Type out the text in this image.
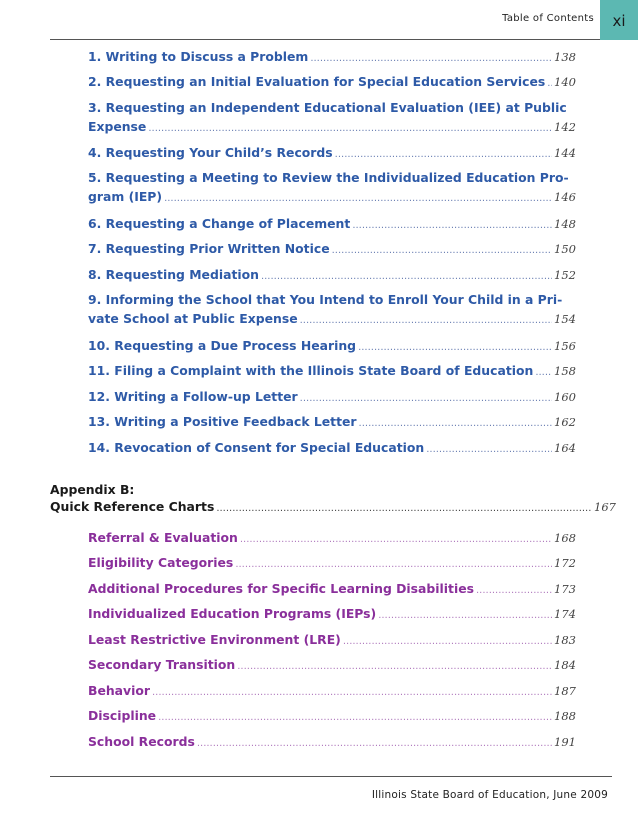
Table of Contents	xi
1. Writing to Discuss a Problem .....	138
2. Requesting an Initial Evaluation for Special Education Services ..... 140
3. Requesting an Independent Educational Evaluation (IEE) at Public
Expense .....	142
4. Requesting Your Child’s Records .....	144
5. Requesting a Meeting to Review the Individualized Education Pro-
gram (IEP) .....	146
6. Requesting a Change of Placement .....	148
7. Requesting Prior Written Notice .....	150
8. Requesting Mediation .....	152
9. Informing the School that You Intend to Enroll Your Child in a Pri-
vate School at Public Expense .....	154
10. Requesting a Due Process Hearing .....	156
11. Filing a Complaint with the Illinois State Board of Education ..... 158
12. Writing a Follow-up Letter .....	160
13. Writing a Positive Feedback Letter .....	162
14. Revocation of Consent for Special Education .....	164
Appendix B:
Quick Reference Charts .....	167
Referral & Evaluation .....	168
Eligibility Categories .....	172
Additional Procedures for Specific Learning Disabilities .....	173
Individualized Education Programs (IEPs) .....	174
Least Restrictive Environment (LRE) .....	183
Secondary Transition .....	184
Behavior .....	187
Discipline .....	188
School Records .....	191
Illinois State Board of Education, June 2009
